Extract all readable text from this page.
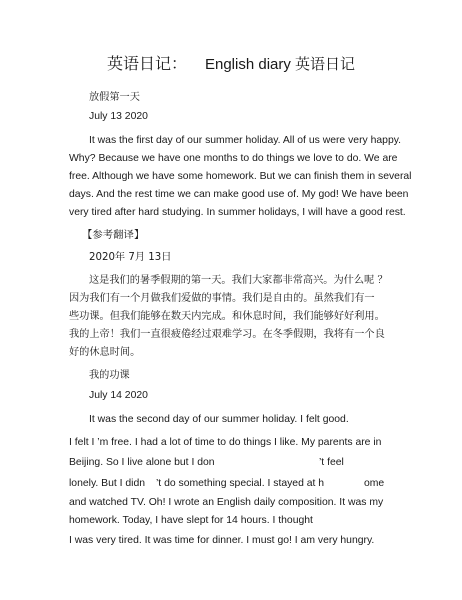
英语日记： English diary 英语日记
放假第一天
July 13 2020
It was the first day of our summer holiday. All of us were very happy.
Why? Because we have one months to do things we love to do. We are
free. Although we have some homework. But we can finish them in several
days. And the rest time we can make good use of. My god! We have been
very tired after hard studying. In summer holidays, I will have a good rest.
【参考翻译】
2020年 7月 13日
这是我们的暑季假期的第一天。我们大家都非常高兴。为什么呢 ？
因为我们有一个月做我们爱做的事情。我们是自由的。虽然我们有一
些功课。但我们能够在数天内完成。和休息时间，我们能够好好利用。
我的上帝！我们一直很疲倦经过艰难学习。在冬季假期，我将有一个良
好的休息时间。
我的功课
July 14 2020
It was the second day of our summer holiday. I felt good.
I felt I ’m free. I had a lot of time to do things I like. My parents are in
Beijing. So I live alone but I don	’t feel
lonely. But I didn	’t do something special. I stayed at h	ome
and watched TV. Oh! I wrote an English daily composition. It was my
homework. Today, I have slept for 14 hours. I thought
I was very tired. It was time for dinner. I must go! I am very hungry.
